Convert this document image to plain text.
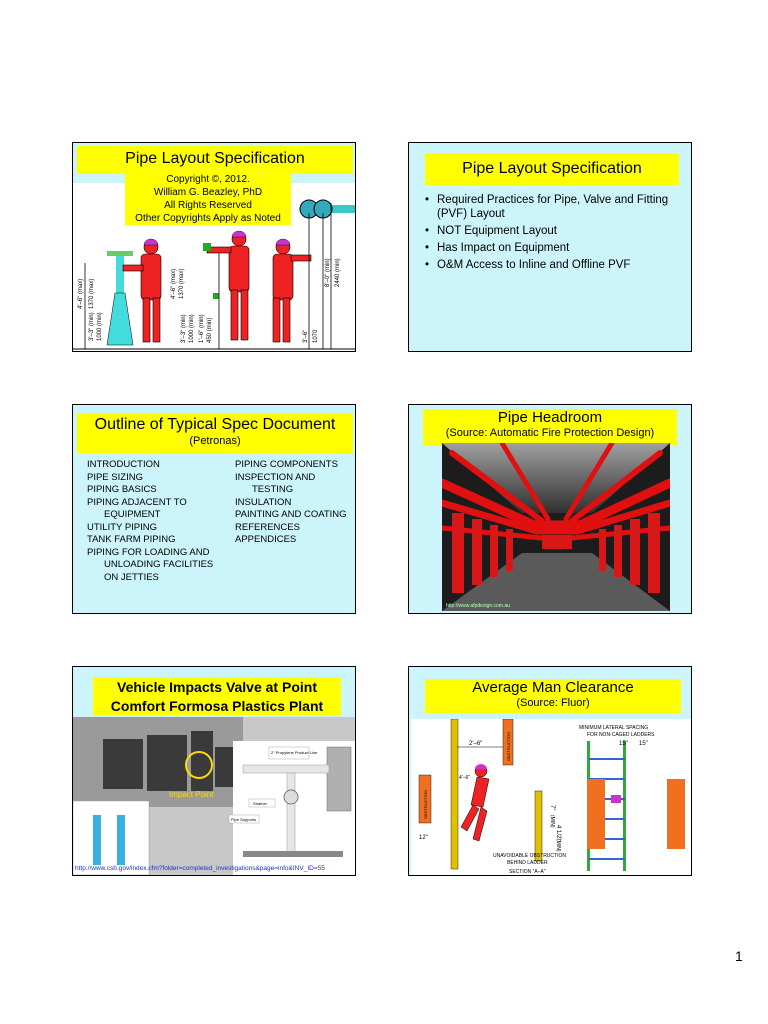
4'–6" (max) 1370 (max)
3'–3" (min) 1000 (min)
4'–6" (max) 1370 (max)
3'–3" (min) 1000 (min) 1'–6" (min) 450 (min)
8'–0" (min) 2440 (min)
3'–6" 1070
Pipe Layout Specification
Copyright ©, 2012.
William G. Beazley, PhD
All Rights Reserved
Other Copyrights Apply as Noted
Pipe Layout Specification
• Required Practices for Pipe, Valve and Fitting (PVF) Layout
• NOT Equipment Layout
• Has Impact on Equipment
• O&M Access to Inline and Offline PVF
Outline of Typical Spec Document
(Petronas)
INTRODUCTION
PIPE SIZING
PIPING BASICS
PIPING ADJACENT TO
EQUIPMENT
UTILITY PIPING
TANK FARM PIPING
PIPING FOR LOADING AND
UNLOADING FACILITIES
ON JETTIES
PIPING COMPONENTS
INSPECTION AND
TESTING
INSULATION
PAINTING AND COATING
REFERENCES
APPENDICES
Pipe Headroom
(Source: Automatic Fire Protection Design)
http://www.afpdesign.com.au
Vehicle Impacts Valve at Point
Comfort Formosa Plastics Plant
Impact Point
2" Propylene Product Line
Strainer
Pipe Supports
http://www.csb.gov/index.cfm?folder=completed_investigations&page=info&INV_ID=55
Average Man Clearance
(Source: Fluor)
OBSTRUCTION
OBSTRUCTION
2'–6"
4'–6"
MINIMUM LATERAL SPACING
FOR NON-CAGED LADDERS
15" 15"
12"
7"
(MIN)
4 1/2"
(MIN)
UNAVOIDABLE OBSTRUCTION
BEHIND LADDER
SECTION "A–A"
1
